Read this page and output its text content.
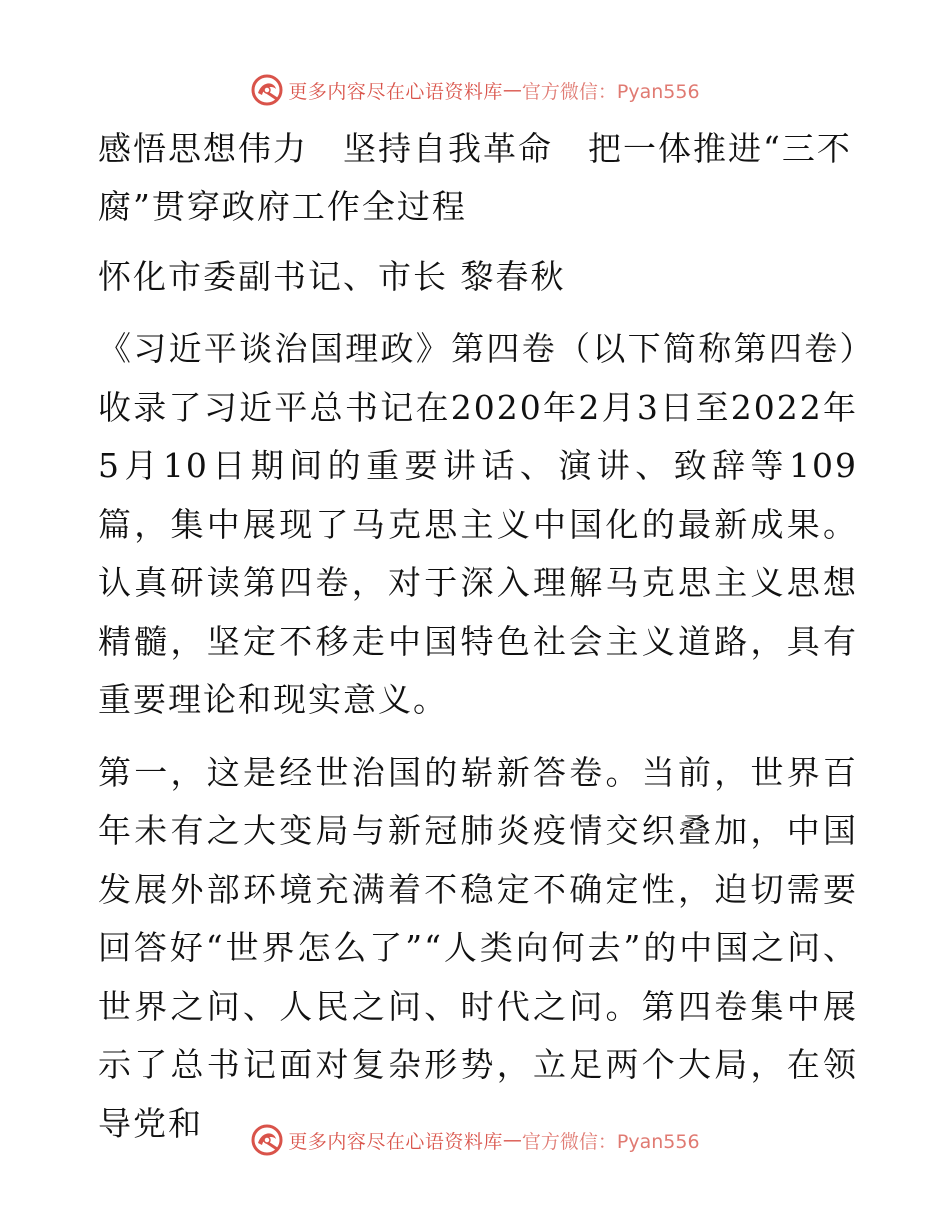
更多内容尽在心语资料库 — 官方微信：Pyan556

感悟思想伟力　坚持自我革命　把一体推进“三不腐”贯穿政府工作全过程

怀化市委副书记、市长 黎春秋

《习近平谈治国理政》第四卷（以下简称第四卷）收录了习近平总书记在2020年2月3日至2022年5月10日期间的重要讲话、演讲、致辞等109篇，集中展现了马克思主义中国化的最新成果。认真研读第四卷，对于深入理解马克思主义思想精髓，坚定不移走中国特色社会主义道路，具有重要理论和现实意义。

第一，这是经世治国的崭新答卷。当前，世界百年未有之大变局与新冠肺炎疫情交织叠加，中国发展外部环境充满着不稳定不确定性，迫切需要回答好“世界怎么了”“人类向何去”的中国之问、世界之问、人民之问、时代之问。第四卷集中展示了总书记面对复杂形势，立足两个大局，在领导党和	更多内容尽在心语资料库 — 官方微信：Pyan556
